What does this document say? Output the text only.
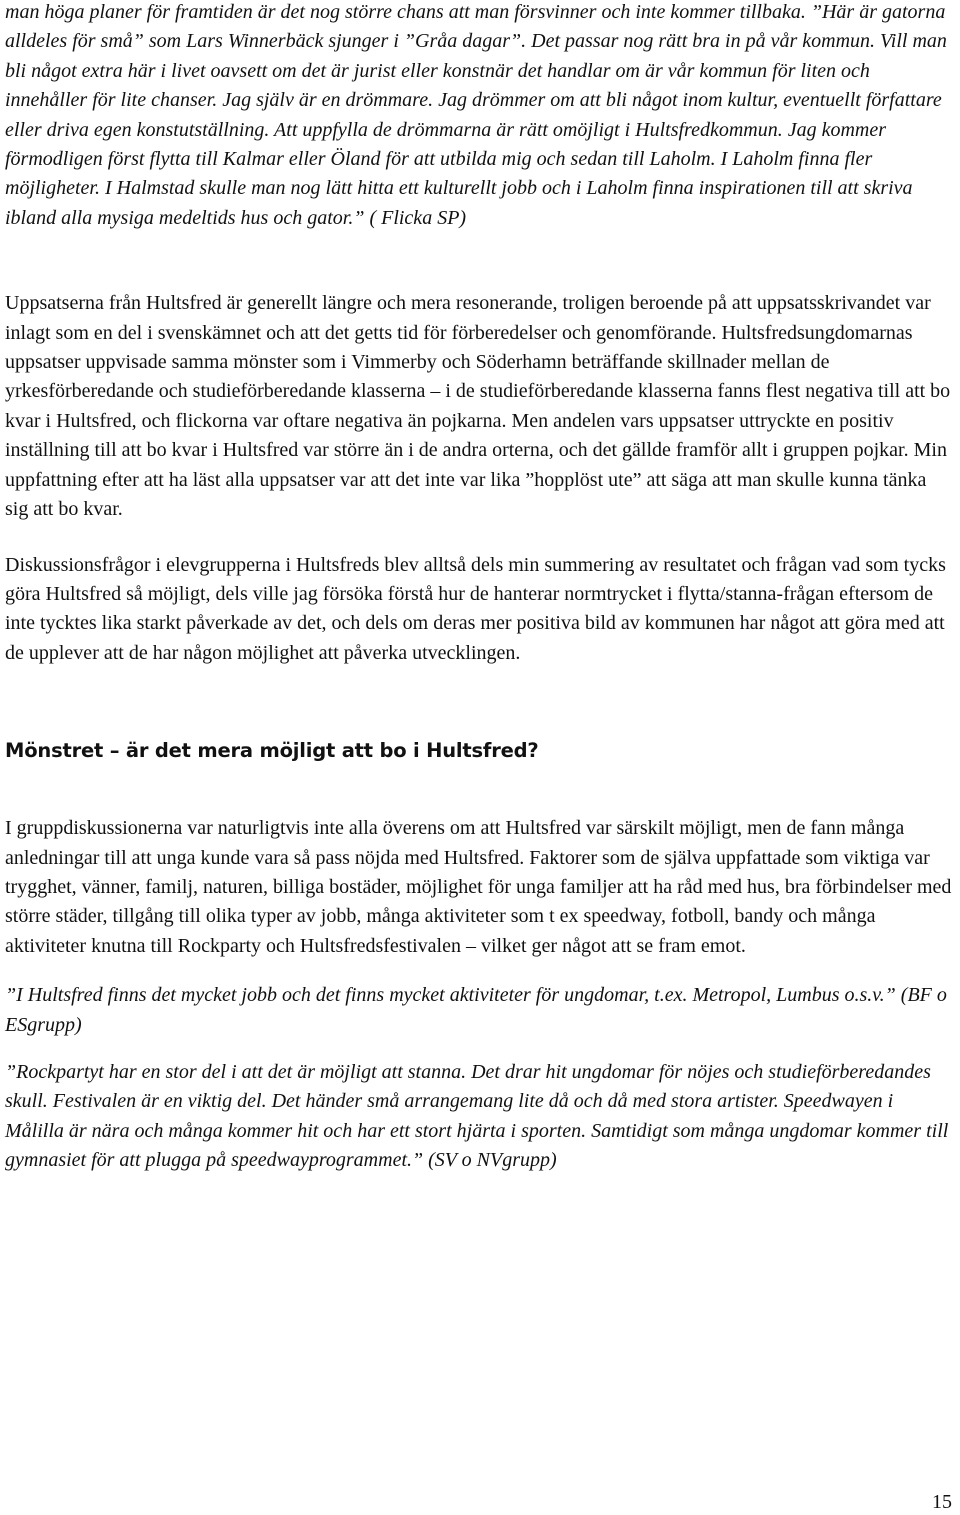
man höga planer för framtiden är det nog större chans att man försvinner och inte kommer tillbaka. ”Här är gatorna alldeles för små” som Lars Winnerbäck sjunger i ”Gråa dagar”. Det passar nog rätt bra in på vår kommun. Vill man bli något extra här i livet oavsett om det är jurist eller konstnär det handlar om är vår kommun för liten och innehåller för lite chanser. Jag själv är en drömmare. Jag drömmer om att bli något inom kultur, eventuellt författare eller driva egen konstutställning. Att uppfylla de drömmarna är rätt omöjligt i Hultsfredkommun. Jag kommer förmodligen först flytta till Kalmar eller Öland för att utbilda mig och sedan till Laholm. I Laholm finna fler möjligheter. I Halmstad skulle man nog lätt hitta ett kulturellt jobb och i Laholm finna inspirationen till att skriva ibland alla mysiga medeltids hus och gator.” ( Flicka SP)

Uppsatserna från Hultsfred är generellt längre och mera resonerande, troligen beroende på att uppsatsskrivandet var inlagt som en del i svenskämnet och att det getts tid för förberedelser och genomförande. Hultsfredsungdomarnas uppsatser uppvisade samma mönster som i Vimmerby och Söderhamn beträffande skillnader mellan de yrkesförberedande och studieförberedande klasserna – i de studieförberedande klasserna fanns flest negativa till att bo kvar i Hultsfred, och flickorna var oftare negativa än pojkarna. Men andelen vars uppsatser uttryckte en positiv inställning till att bo kvar i Hultsfred var större än i de andra orterna, och det gällde framför allt i gruppen pojkar. Min uppfattning efter att ha läst alla uppsatser var att det inte var lika ”hopplöst ute” att säga att man skulle kunna tänka sig att bo kvar.

Diskussionsfrågor i elevgrupperna i Hultsfreds blev alltså dels min summering av resultatet och frågan vad som tycks göra Hultsfred så möjligt, dels ville jag försöka förstå hur de hanterar normtrycket i flytta/stanna-frågan eftersom de inte tycktes lika starkt påverkade av det, och dels om deras mer positiva bild av kommunen har något att göra med att de upplever att de har någon möjlighet att påverka utvecklingen.

Mönstret – är det mera möjligt att bo i Hultsfred?

I gruppdiskussionerna var naturligtvis inte alla överens om att Hultsfred var särskilt möjligt, men de fann många anledningar till att unga kunde vara så pass nöjda med Hultsfred. Faktorer som de själva uppfattade som viktiga var trygghet, vänner, familj, naturen, billiga bostäder, möjlighet för unga familjer att ha råd med hus, bra förbindelser med större städer, tillgång till olika typer av jobb, många aktiviteter som t ex speedway, fotboll, bandy och många aktiviteter knutna till Rockparty och Hultsfredsfestivalen – vilket ger något att se fram emot.

”I Hultsfred finns det mycket jobb och det finns mycket aktiviteter för ungdomar, t.ex. Metropol, Lumbus o.s.v.” (BF o ESgrupp)

”Rockpartyt har en stor del i att det är möjligt att stanna. Det drar hit ungdomar för nöjes och studieförberedandes skull. Festivalen är en viktig del. Det händer små arrangemang lite då och då med stora artister. Speedwayen i Målilla är nära och många kommer hit och har ett stort hjärta i sporten. Samtidigt som många ungdomar kommer till gymnasiet för att plugga på speedwayprogrammet.” (SV o NVgrupp)

15
